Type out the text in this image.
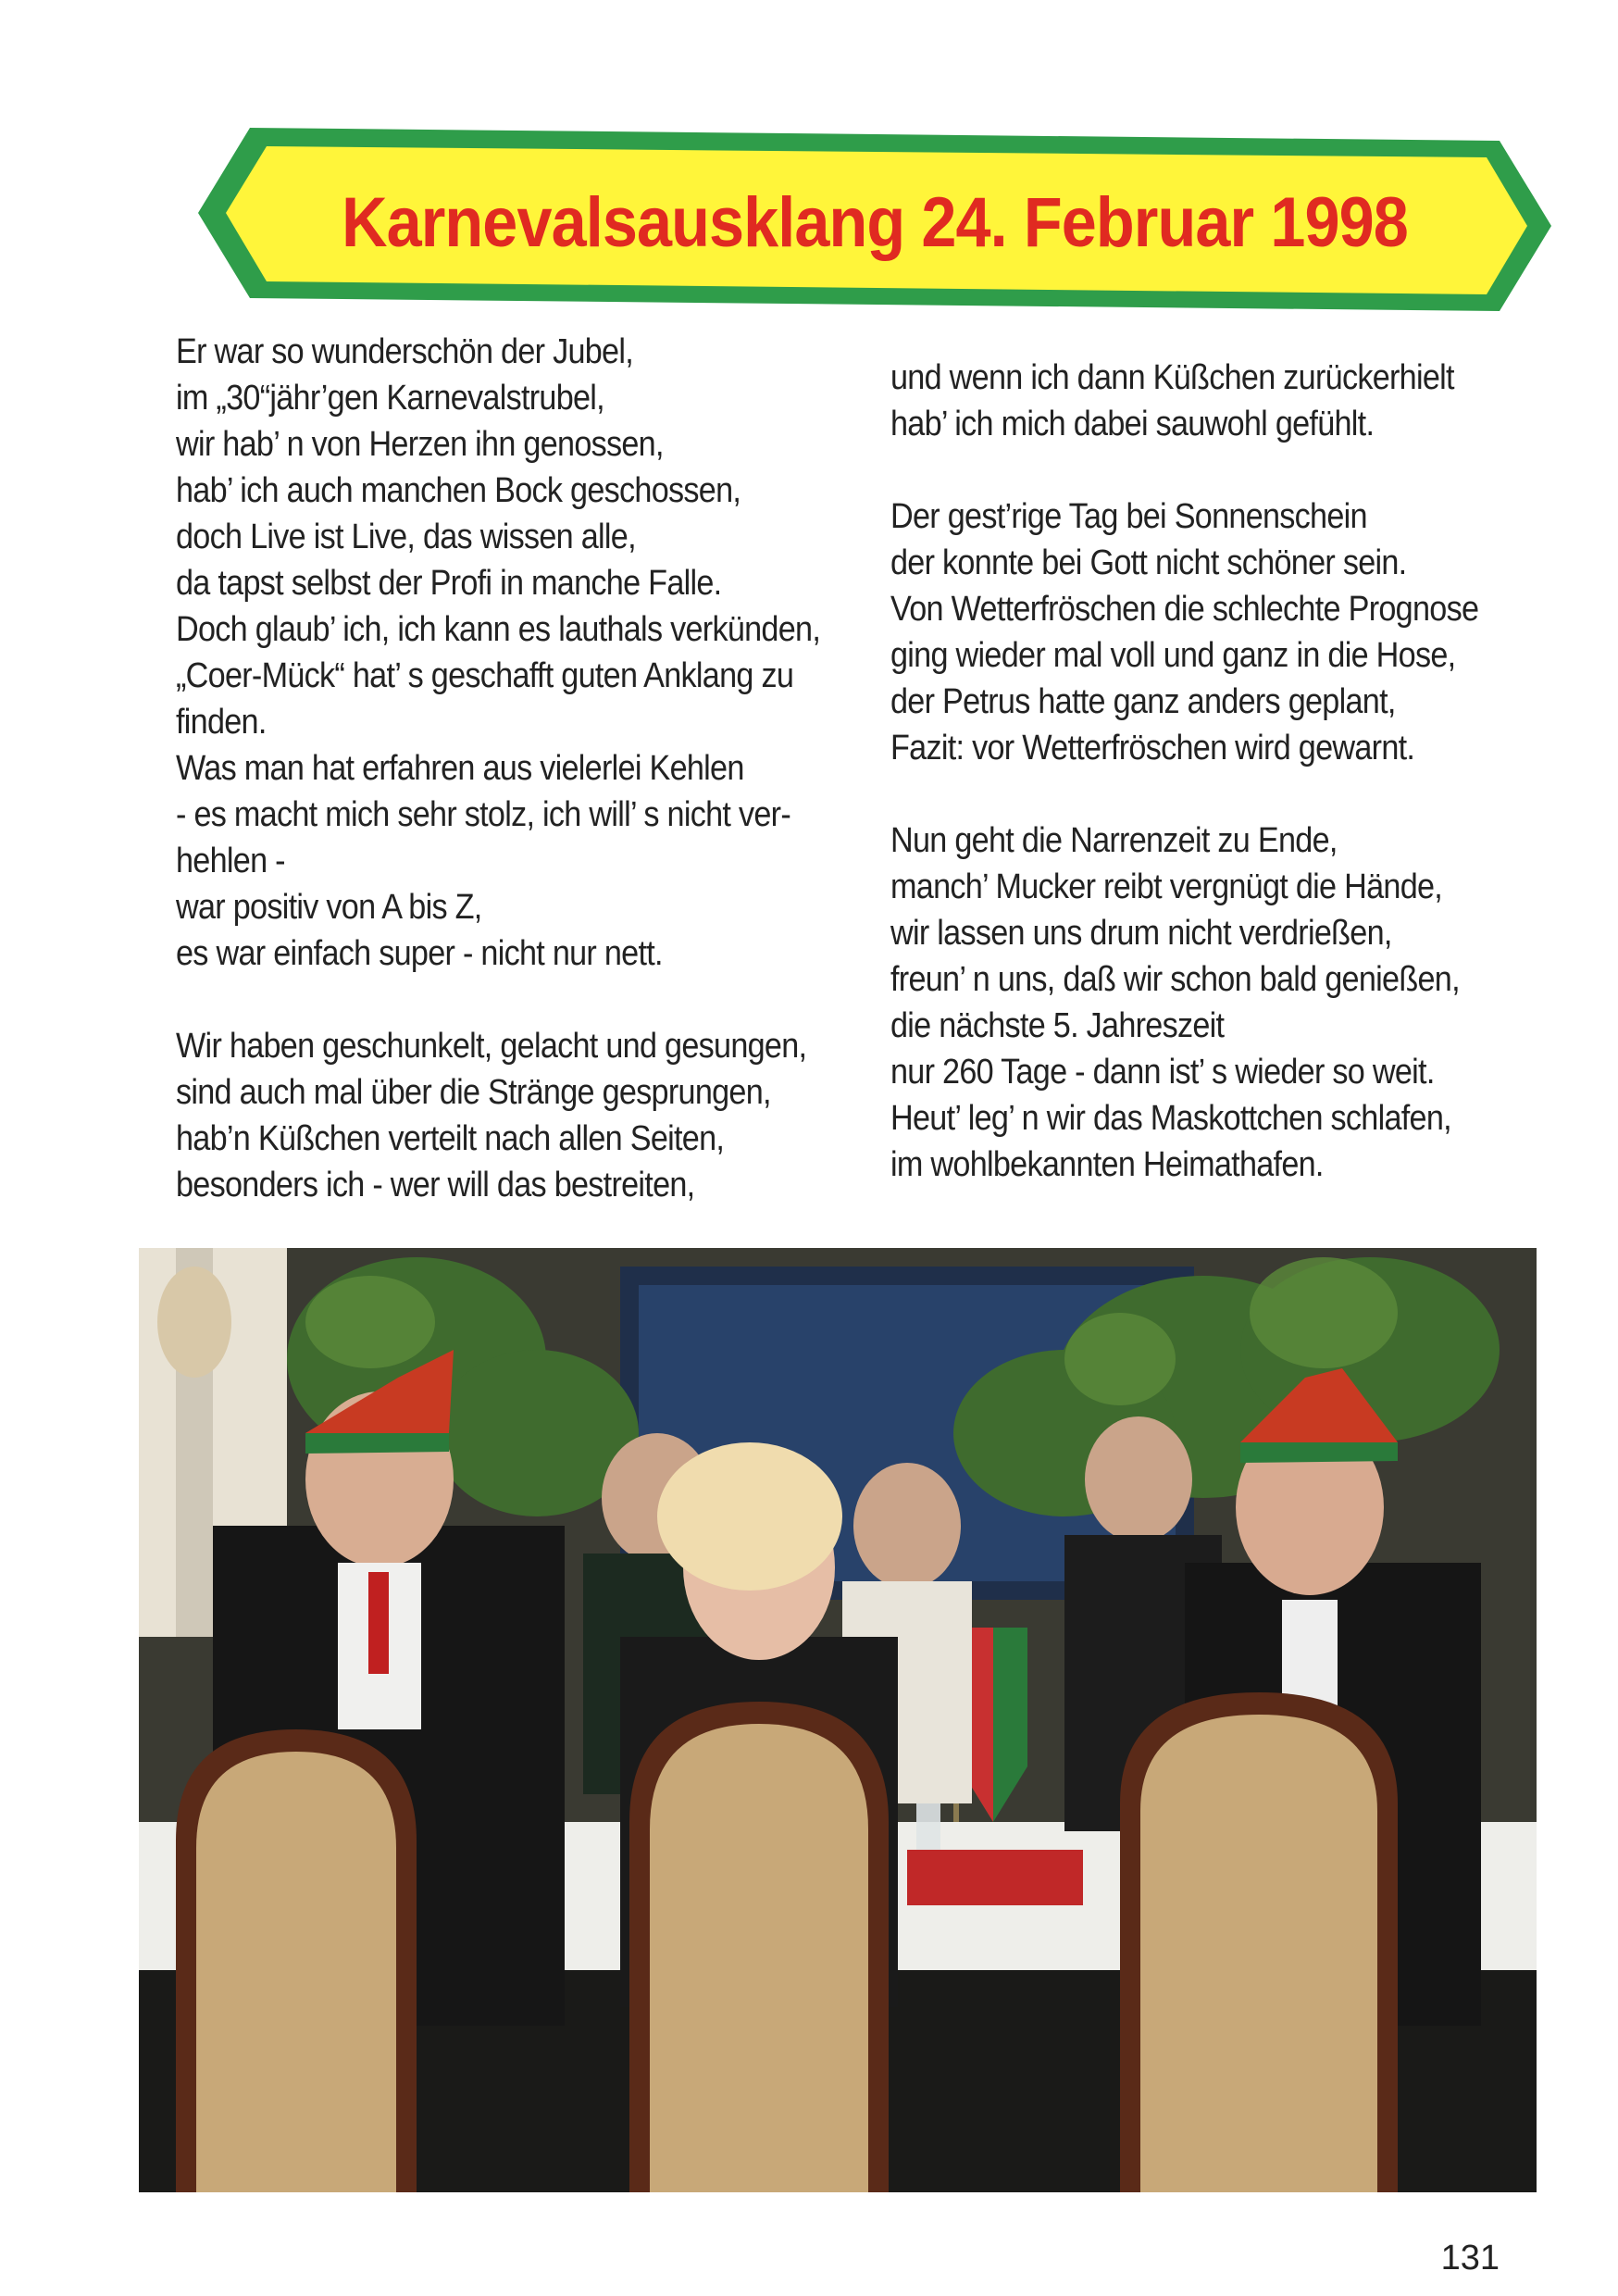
Karnevalsausklang 24. Februar 1998
Er war so wunderschön der Jubel,
im „30“jähr’gen Karnevalstrubel,
wir hab’ n von Herzen ihn genossen,
hab’ ich auch manchen Bock geschossen,
doch Live ist Live, das wissen alle,
da tapst selbst der Profi in manche Falle.
Doch glaub’ ich, ich kann es lauthals verkünden,
„Coer-Mück“ hat’ s geschafft guten Anklang zu
finden.
Was man hat erfahren aus vielerlei Kehlen
- es macht mich sehr stolz, ich will’ s nicht ver-
hehlen -
war positiv von A bis Z,
es war einfach super - nicht nur nett.
Wir haben geschunkelt, gelacht und gesungen,
sind auch mal über die Stränge gesprungen,
hab’n Küßchen verteilt nach allen Seiten,
besonders ich - wer will das bestreiten,
und wenn ich dann Küßchen zurückerhielt
hab’ ich mich dabei sauwohl gefühlt.
Der gest’rige Tag bei Sonnenschein
der konnte bei Gott nicht schöner sein.
Von Wetterfröschen die schlechte Prognose
ging wieder mal voll und ganz in die Hose,
der Petrus hatte ganz anders geplant,
Fazit: vor Wetterfröschen wird gewarnt.
Nun geht die Narrenzeit zu Ende,
manch’ Mucker reibt vergnügt die Hände,
wir lassen uns drum nicht verdrießen,
freun’ n uns, daß wir schon bald genießen,
die nächste 5. Jahreszeit
nur 260 Tage - dann ist’ s wieder so weit.
Heut’ leg’ n wir das Maskottchen schlafen,
im wohlbekannten Heimathafen.
131
